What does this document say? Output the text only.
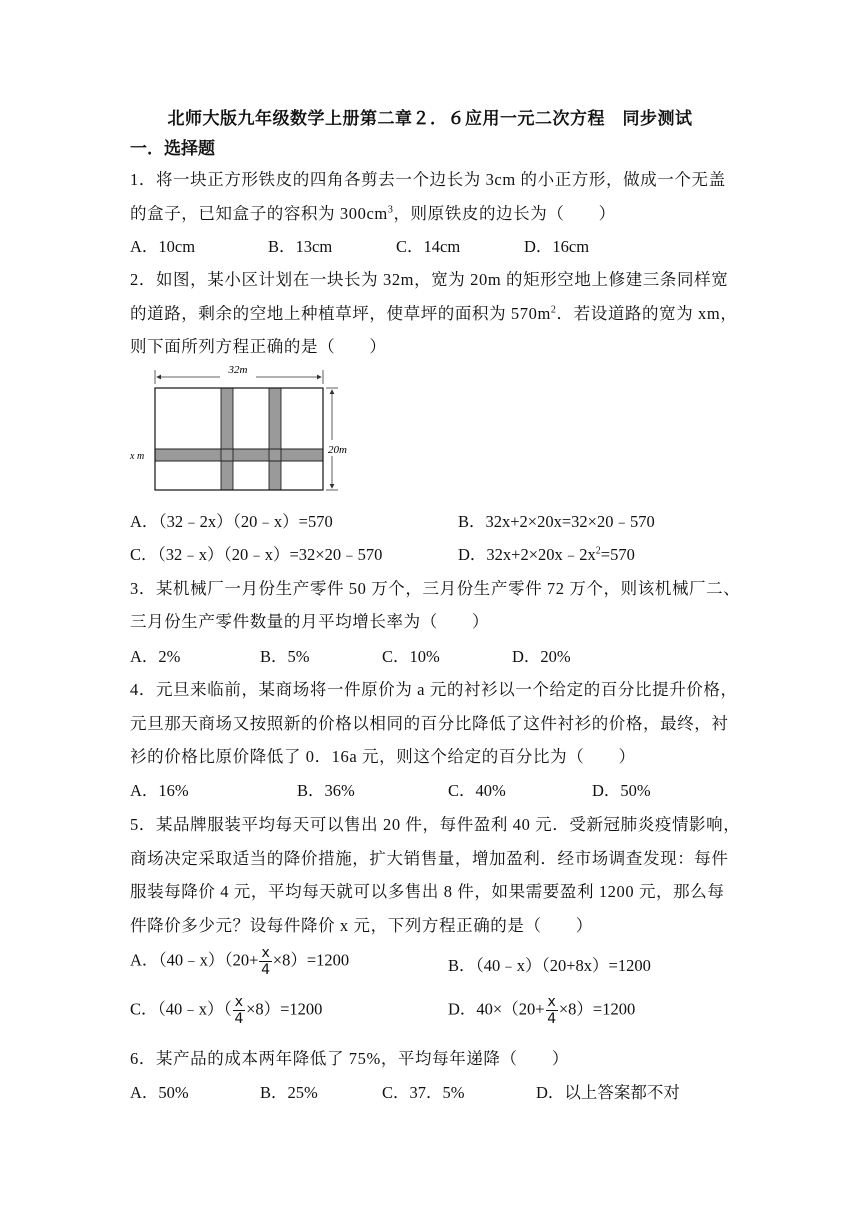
北师大版九年级数学上册第二章２．６应用一元二次方程　同步测试
一．选择题
1．将一块正方形铁皮的四角各剪去一个边长为 3cm 的小正方形，做成一个无盖
的盒子，已知盒子的容积为 $300cm^3$，则原铁皮的边长为（　　）
A．10cm	B．13cm	C．14cm	D．16cm
2．如图，某小区计划在一块长为 32m，宽为 20m 的矩形空地上修建三条同样宽
的道路，剩余的空地上种植草坪，使草坪的面积为 $570m^2$．若设道路的宽为 xm，
则下面所列方程正确的是（　　）
32m
20m
x m
A．（32﹣2x）（20﹣x）=570	B．32x+2×20x=32×20﹣570
C．（32﹣x）（20﹣x）=32×20﹣570	D．$32x+2\times 20x﹣2x^2=570$
3．某机械厂一月份生产零件 50 万个，三月份生产零件 72 万个，则该机械厂二、
三月份生产零件数量的月平均增长率为（　　）
A．2%	B．5%	C．10%	D．20%
4．元旦来临前，某商场将一件原价为 a 元的衬衫以一个给定的百分比提升价格，
元旦那天商场又按照新的价格以相同的百分比降低了这件衬衫的价格，最终，衬
衫的价格比原价降低了 0．16a 元，则这个给定的百分比为（　　）
A．16%	B．36%	C．40%	D．50%
5．某品牌服装平均每天可以售出 20 件，每件盈利 40 元．受新冠肺炎疫情影响，
商场决定采取适当的降价措施，扩大销售量，增加盈利．经市场调查发现：每件
服装每降价 4 元，平均每天就可以多售出 8 件，如果需要盈利 1200 元，那么每
件降价多少元？设每件降价 x 元，下列方程正确的是（　　）
A．（40﹣x）（20+ $\frac{x}{4} \times 8)=1200$	B．（40﹣x）（20+8x）=1200
C．（40﹣x）（ $\frac{x}{4} \times 8)=1200$	D．$40\times(20+ \frac{x}{4} \times 8)=1200$
6．某产品的成本两年降低了 75%，平均每年递降（　　）
A．50%	B．25%	C．37．5%	D．以上答案都不对
